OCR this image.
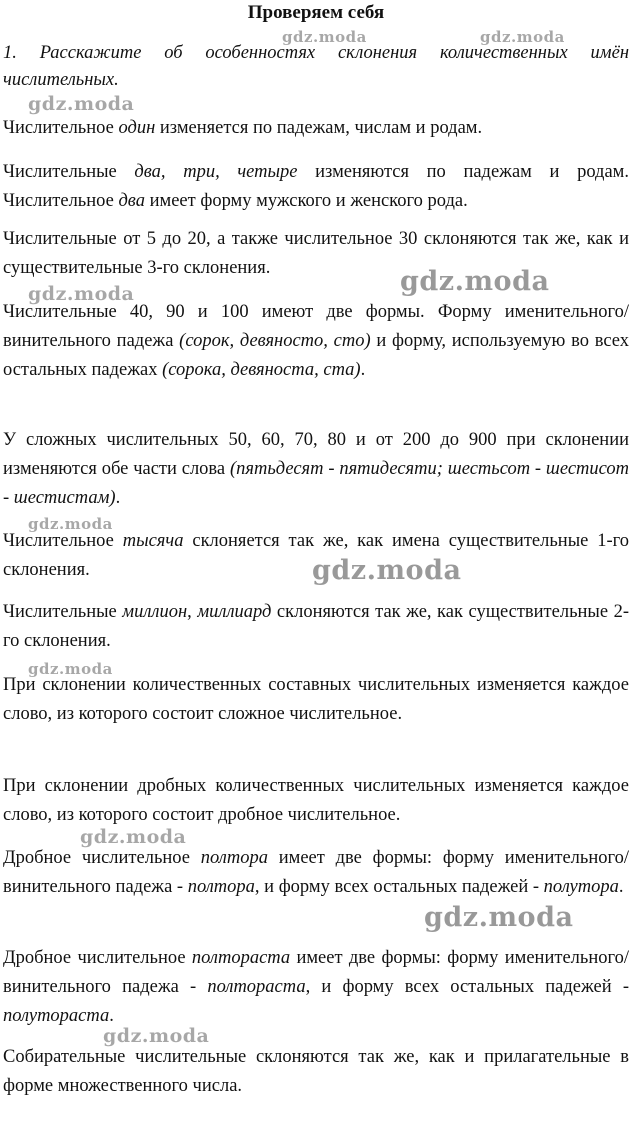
Проверяем себя
1. Расскажите об особенностях склонения количественных имён числительных.
Числительное один изменяется по падежам, числам и родам.
Числительные два, три, четыре изменяются по падежам и родам. Числительное два имеет форму мужского и женского рода.
Числительные от 5 до 20, а также числительное 30 склоняются так же, как и существительные 3-го склонения.
Числительные 40, 90 и 100 имеют две формы. Форму именительного/винительного падежа (сорок, девяносто, сто) и форму, используемую во всех остальных падежах (сорока, девяноста, ста).
У сложных числительных 50, 60, 70, 80 и от 200 до 900 при склонении изменяются обе части слова (пятьдесят - пятидесяти; шестьсот - шестисот - шестистам).
Числительное тысяча склоняется так же, как имена существительные 1-го склонения.
Числительные миллион, миллиард склоняются так же, как существительные 2-го склонения.
При склонении количественных составных числительных изменяется каждое слово, из которого состоит сложное числительное.
При склонении дробных количественных числительных изменяется каждое слово, из которого состоит дробное числительное.
Дробное числительное полтора имеет две формы: форму именительного/винительного падежа - полтора, и форму всех остальных падежей - полутора.
Дробное числительное полтораста имеет две формы: форму именительного/винительного падежа - полтораста, и форму всех остальных падежей - полутораста.
Собирательные числительные склоняются так же, как и прилагательные в форме множественного числа.
gdz.moda	gdz.moda
gdz.moda
gdz.moda
gdz.moda
gdz.moda
gdz.moda
gdz.moda
gdz.moda
gdz.moda
gdz.moda
